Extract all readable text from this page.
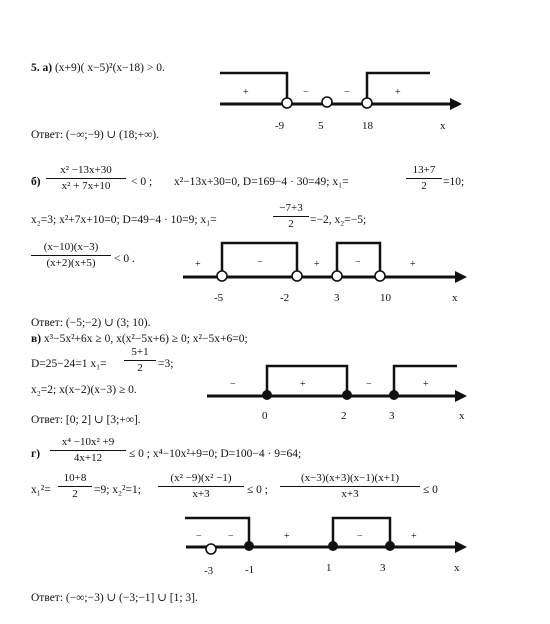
5. а) (x+9)( x−5)²(x−18) > 0.
+	−	−	+
-9	5	18	x
Ответ: (−∞;−9) ∪ (18;+∞).
б)
x² −13x+30
x² + 7x+10	< 0 ; x²−13x+30=0, D=169−4 · 30=49; x₁=
13+7
2	=10;
x₂=3; x²+7x+10=0; D=49−4 · 10=9; x₁=
−7+3
2	=−2, x₂=−5;
(x−10)(x−3)
(x+2)(x+5)	< 0 .	+	−	+	−	+
-5	-2	3	10	x
Ответ: (−5;−2) ∪ (3; 10).
в) x³−5x²+6x ≥ 0, x(x²−5x+6) ≥ 0; x²−5x+6=0;
D=25−24=1 x₁=
5+1
2	=3;
x₂=2; x(x−2)(x−3) ≥ 0.	−	+	−	+
0	2	3	x
Ответ: [0; 2] ∪ [3;+∞].
г)
x⁴ −10x² +9
4x+12	≤ 0 ; x⁴−10x²+9=0; D=100−4 · 9=64;
x₁²=
10+8
2	=9; x₂²=1;
(x² −9)(x² −1)
x+3	≤ 0 ;
(x−3)(x+3)(x−1)(x+1)
x+3	≤ 0
−	−	+	−	+
-3	-1	1	3	x
Ответ: (−∞;−3) ∪ (−3;−1] ∪ [1; 3].
